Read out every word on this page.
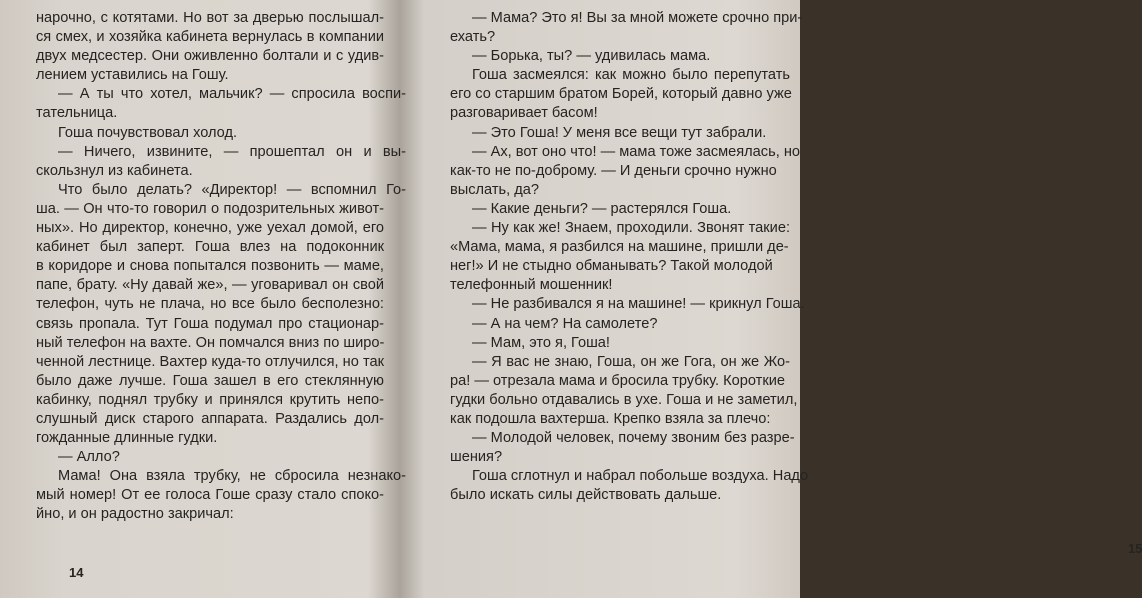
нарочно, с котятами. Но вот за дверью послышал-
ся смех, и хозяйка кабинета вернулась в компании
двух медсестер. Они оживленно болтали и с удив-
лением уставились на Гошу.
— А ты что хотел, мальчик? — спросила воспи-
тательница.
Гоша почувствовал холод.
— Ничего, извините, — прошептал он и вы-
скользнул из кабинета.
Что было делать? «Директор! — вспомнил Го-
ша. — Он что-то говорил о подозрительных живот-
ных». Но директор, конечно, уже уехал домой, его
кабинет был заперт. Гоша влез на подоконник
в коридоре и снова попытался позвонить — маме,
папе, брату. «Ну давай же», — уговаривал он свой
телефон, чуть не плача, но все было бесполезно:
связь пропала. Тут Гоша подумал про стационар-
ный телефон на вахте. Он помчался вниз по широ-
ченной лестнице. Вахтер куда-то отлучился, но так
было даже лучше. Гоша зашел в его стеклянную
кабинку, поднял трубку и принялся крутить непо-
слушный диск старого аппарата. Раздались дол-
гожданные длинные гудки.
— Алло?
Мама! Она взяла трубку, не сбросила незнако-
мый номер! От ее голоса Гоше сразу стало споко-
йно, и он радостно закричал:
14
— Мама? Это я! Вы за мной можете срочно при-
ехать?
— Борька, ты? — удивилась мама.
Гоша засмеялся: как можно было перепутать
его со старшим братом Борей, который давно уже
разговаривает басом!
— Это Гоша! У меня все вещи тут забрали.
— Ах, вот оно что! — мама тоже засмеялась, но
как-то не по-доброму. — И деньги срочно нужно
выслать, да?
— Какие деньги? — растерялся Гоша.
— Ну как же! Знаем, проходили. Звонят такие:
«Мама, мама, я разбился на машине, пришли де-
нег!» И не стыдно обманывать? Такой молодой
телефонный мошенник!
— Не разбивался я на машине! — крикнул Гоша.
— А на чем? На самолете?
— Мам, это я, Гоша!
— Я вас не знаю, Гоша, он же Гога, он же Жо-
ра! — отрезала мама и бросила трубку. Короткие
гудки больно отдавались в ухе. Гоша и не заметил,
как подошла вахтерша. Крепко взяла за плечо:
— Молодой человек, почему звоним без разре-
шения?
Гоша сглотнул и набрал побольше воздуха. Надо
было искать силы действовать дальше.
15
